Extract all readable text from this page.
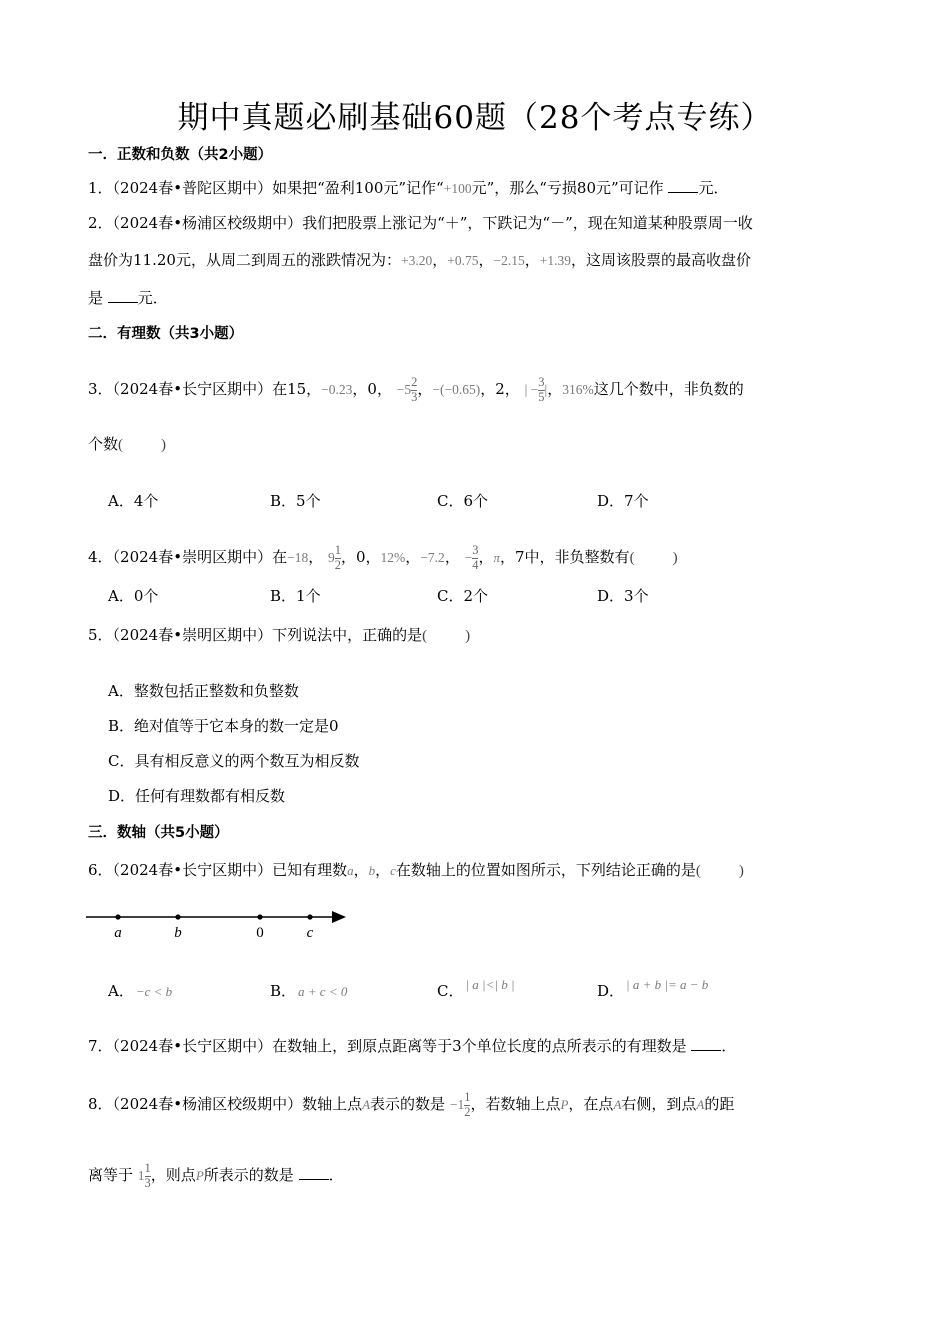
期中真题必刷基础60题（28个考点专练）
一．正数和负数（共2小题）
1．（2024春•普陀区期中）如果把“盈利100元”记作“+100元”，那么“亏损80元”可记作 元．
2．（2024春•杨浦区校级期中）我们把股票上涨记为“＋”，下跌记为“－”，现在知道某种股票周一收
盘价为11.20元，从周二到周五的涨跌情况为：+3.20，+0.75，−2.15，+1.39，这周该股票的最高收盘价
是 元．
二．有理数（共3小题）
3．（2024春•长宁区期中）在15，−0.23，0， $-5 \frac{2}{3}$ ，−(−0.65)，2， | − $\frac{3}{5}$ |，316%这几个数中，非负数的
个数(	)
A．4个	B．5个	C．6个	D．7个
4．（2024春•崇明区期中）在−18， $9 \frac{1}{2}$ ，0，12%，−7.2， − $\frac{3}{4}$ ，π，7中，非负整数有(	)
A．0个	B．1个	C．2个	D．3个
5．（2024春•崇明区期中）下列说法中，正确的是(	)
A．整数包括正整数和负整数
B．绝对值等于它本身的数一定是0
C．具有相反意义的两个数互为相反数
D．任何有理数都有相反数
三．数轴（共5小题）
6．（2024春•长宁区期中）已知有理数a，b，c在数轴上的位置如图所示，下列结论正确的是(	)
a	b	0	c
A． −c < b	B． a + c < 0	C． | a |<| b |	D． | a + b |= a − b
7．（2024春•长宁区期中）在数轴上，到原点距离等于3个单位长度的点所表示的有理数是 ．
8．（2024春•杨浦区校级期中）数轴上点A表示的数是 $-1 \frac{1}{2}$ ，若数轴上点P，在点A右侧，到点A的距
离等于 $1 \frac{1}{3}$ ，则点P所表示的数是 ．
